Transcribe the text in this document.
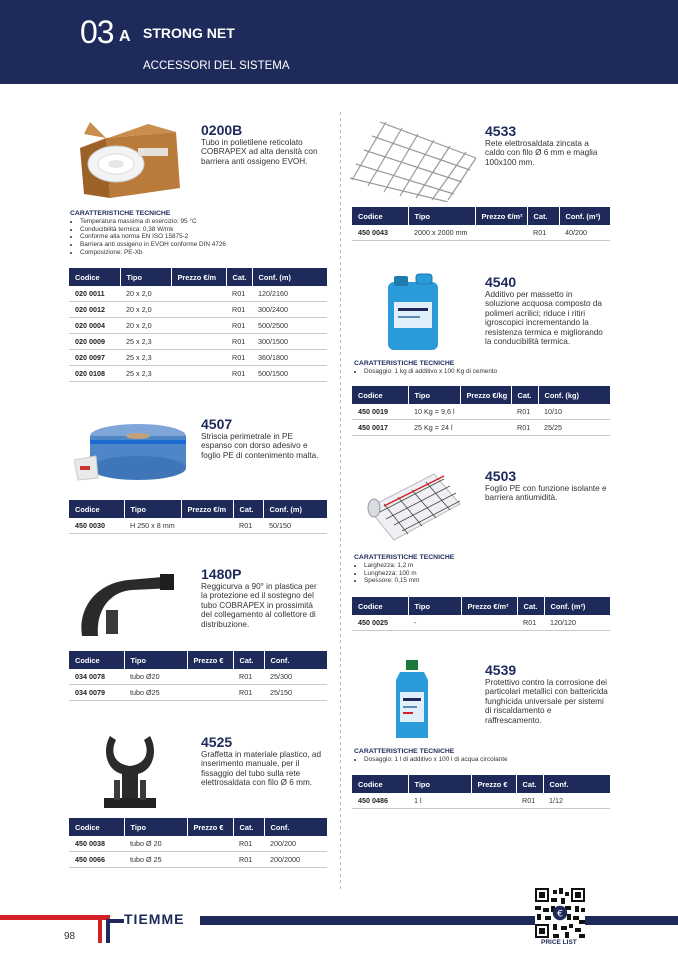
03 A STRONG NET
ACCESSORI DEL SISTEMA
0200B
Tubo in polietilene reticolato COBRAPEX ad alta densità con barriera anti ossigeno EVOH.
CARATTERISTICHE TECNICHE
• Temperatura massima di esercizio: 95 °C
• Conducibilità termica: 0,38 W/mk
• Conforme alla norma EN ISO 15875-2
• Barriera anti ossigeno in EVOH conforme DIN 4726
• Composizione: PE-Xb
Codice	Tipo	Prezzo €/m	Cat.	Conf. (m)
020 0011	20 x 2,0		R01	120/2160
020 0012	20 x 2,0		R01	300/2400
020 0004	20 x 2,0		R01	500/2500
020 0009	25 x 2,3		R01	300/1500
020 0097	25 x 2,3		R01	360/1800
020 0108	25 x 2,3		R01	500/1500
4507
Striscia perimetrale in PE espanso con dorso adesivo e foglio PE di contenimento malta.
Codice	Tipo	Prezzo €/m	Cat.	Conf. (m)
450 0030	H 250 x 8 mm		R01	50/150
1480P
Reggicurva a 90° in plastica per la protezione ed il sostegno del tubo COBRAPEX in prossimità del collegamento al collettore di distribuzione.
Codice	Tipo	Prezzo €	Cat.	Conf.
034 0078	tubo Ø20		R01	25/300
034 0079	tubo Ø25		R01	25/150
4525
Graffetta in materiale plastico, ad inserimento manuale, per il fissaggio del tubo sulla rete elettrosaldata con filo Ø 6 mm.
Codice	Tipo	Prezzo €	Cat.	Conf.
450 0038	tubo Ø 20		R01	200/200
450 0066	tubo Ø 25		R01	200/2000
4533
Rete elettrosaldata zincata a caldo con filo Ø 6 mm e maglia 100x100 mm.
Codice	Tipo	Prezzo €/m²	Cat.	Conf. (m²)
450 0043	2000 x 2000 mm		R01	40/200
4540
Additivo per massetto in soluzione acquosa composto da polimeri acrilici; riduce i ritiri igroscopici incrementando la resistenza termica e migliorando la conducibilità termica.
CARATTERISTICHE TECNICHE
• Dosaggio: 1 kg di additivo x 100 Kg di cemento
Codice	Tipo	Prezzo €/kg	Cat.	Conf. (kg)
450 0019	10 Kg = 9,6 l		R01	10/10
450 0017	25 Kg = 24 l		R01	25/25
4503
Foglio PE con funzione isolante e barriera antiumidità.
CARATTERISTICHE TECNICHE
• Larghezza: 1,2 m
• Lunghezza: 100 m
• Spessore: 0,15 mm
Codice	Tipo	Prezzo €/m²	Cat.	Conf. (m²)
450 0025	-		R01	120/120
4539
Protettivo contro la corrosione dei particolari metallici con battericida funghicida universale per sistemi di riscaldamento e raffrescamento.
CARATTERISTICHE TECNICHE
• Dosaggio: 1 l di additivo x 100 l di acqua circolante
Codice	Tipo	Prezzo €	Cat.	Conf.
450 0486	1 l		R01	1/12
TIEMME
98
€
PRICE LIST
